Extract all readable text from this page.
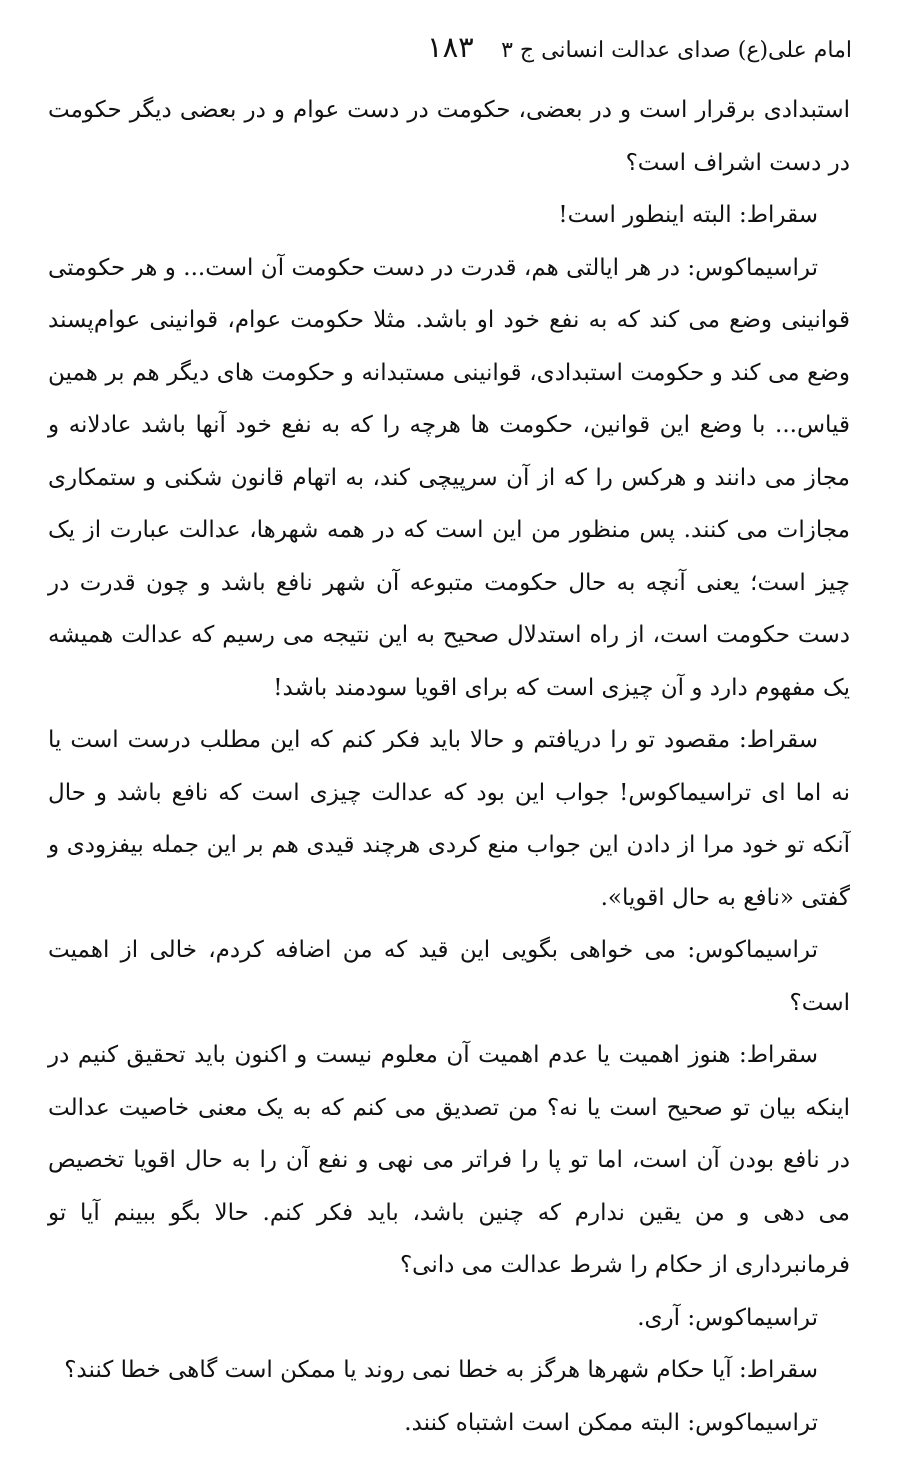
امام علی(ع) صدای عدالت انسانی ج ٣
١٨٣

استبدادی برقرار است و در بعضی، حکومت در دست عوام و در بعضی دیگر حکومت در دست اشراف است؟

سقراط: البته اینطور است!

تراسیماکوس: در هر ایالتی هم، قدرت در دست حکومت آن است... و هر حکومتی قوانینی وضع می کند که به نفع خود او باشد. مثلا حکومت عوام، قوانینی عوام‌پسند وضع می کند و حکومت استبدادی، قوانینی مستبدانه و حکومت های دیگر هم بر همین قیاس... با وضع این قوانین، حکومت ها هرچه را که به نفع خود آنها باشد عادلانه و مجاز می دانند و هرکس را که از آن سرپیچی کند، به اتهام قانون شکنی و ستمکاری مجازات می کنند. پس منظور من این است که در همه شهرها، عدالت عبارت از یک چیز است؛ یعنی آنچه به حال حکومت متبوعه آن شهر نافع باشد و چون قدرت در دست حکومت است، از راه استدلال صحیح به این نتیجه می رسیم که عدالت همیشه یک مفهوم دارد و آن چیزی است که برای اقویا سودمند باشد!

سقراط: مقصود تو را دریافتم و حالا باید فکر کنم که این مطلب درست است یا نه اما ای تراسیماکوس! جواب این بود که عدالت چیزی است که نافع باشد و حال آنکه تو خود مرا از دادن این جواب منع کردی هرچند قیدی هم بر این جمله بیفزودی و گفتی «نافع به حال اقویا».

تراسیماکوس: می خواهی بگویی این قید که من اضافه کردم، خالی از اهمیت است؟

سقراط: هنوز اهمیت یا عدم اهمیت آن معلوم نیست و اکنون باید تحقیق کنیم در اینکه بیان تو صحیح است یا نه؟ من تصدیق می کنم که به یک معنی خاصیت عدالت در نافع بودن آن است، اما تو پا را فراتر می نهی و نفع آن را به حال اقویا تخصیص می دهی و من یقین ندارم که چنین باشد، باید فکر کنم. حالا بگو ببینم آیا تو فرمانبرداری از حکام را شرط عدالت می دانی؟

تراسیماکوس: آری.

سقراط: آیا حکام شهرها هرگز به خطا نمی روند یا ممکن است گاهی خطا کنند؟

تراسیماکوس: البته ممکن است اشتباه کنند.
